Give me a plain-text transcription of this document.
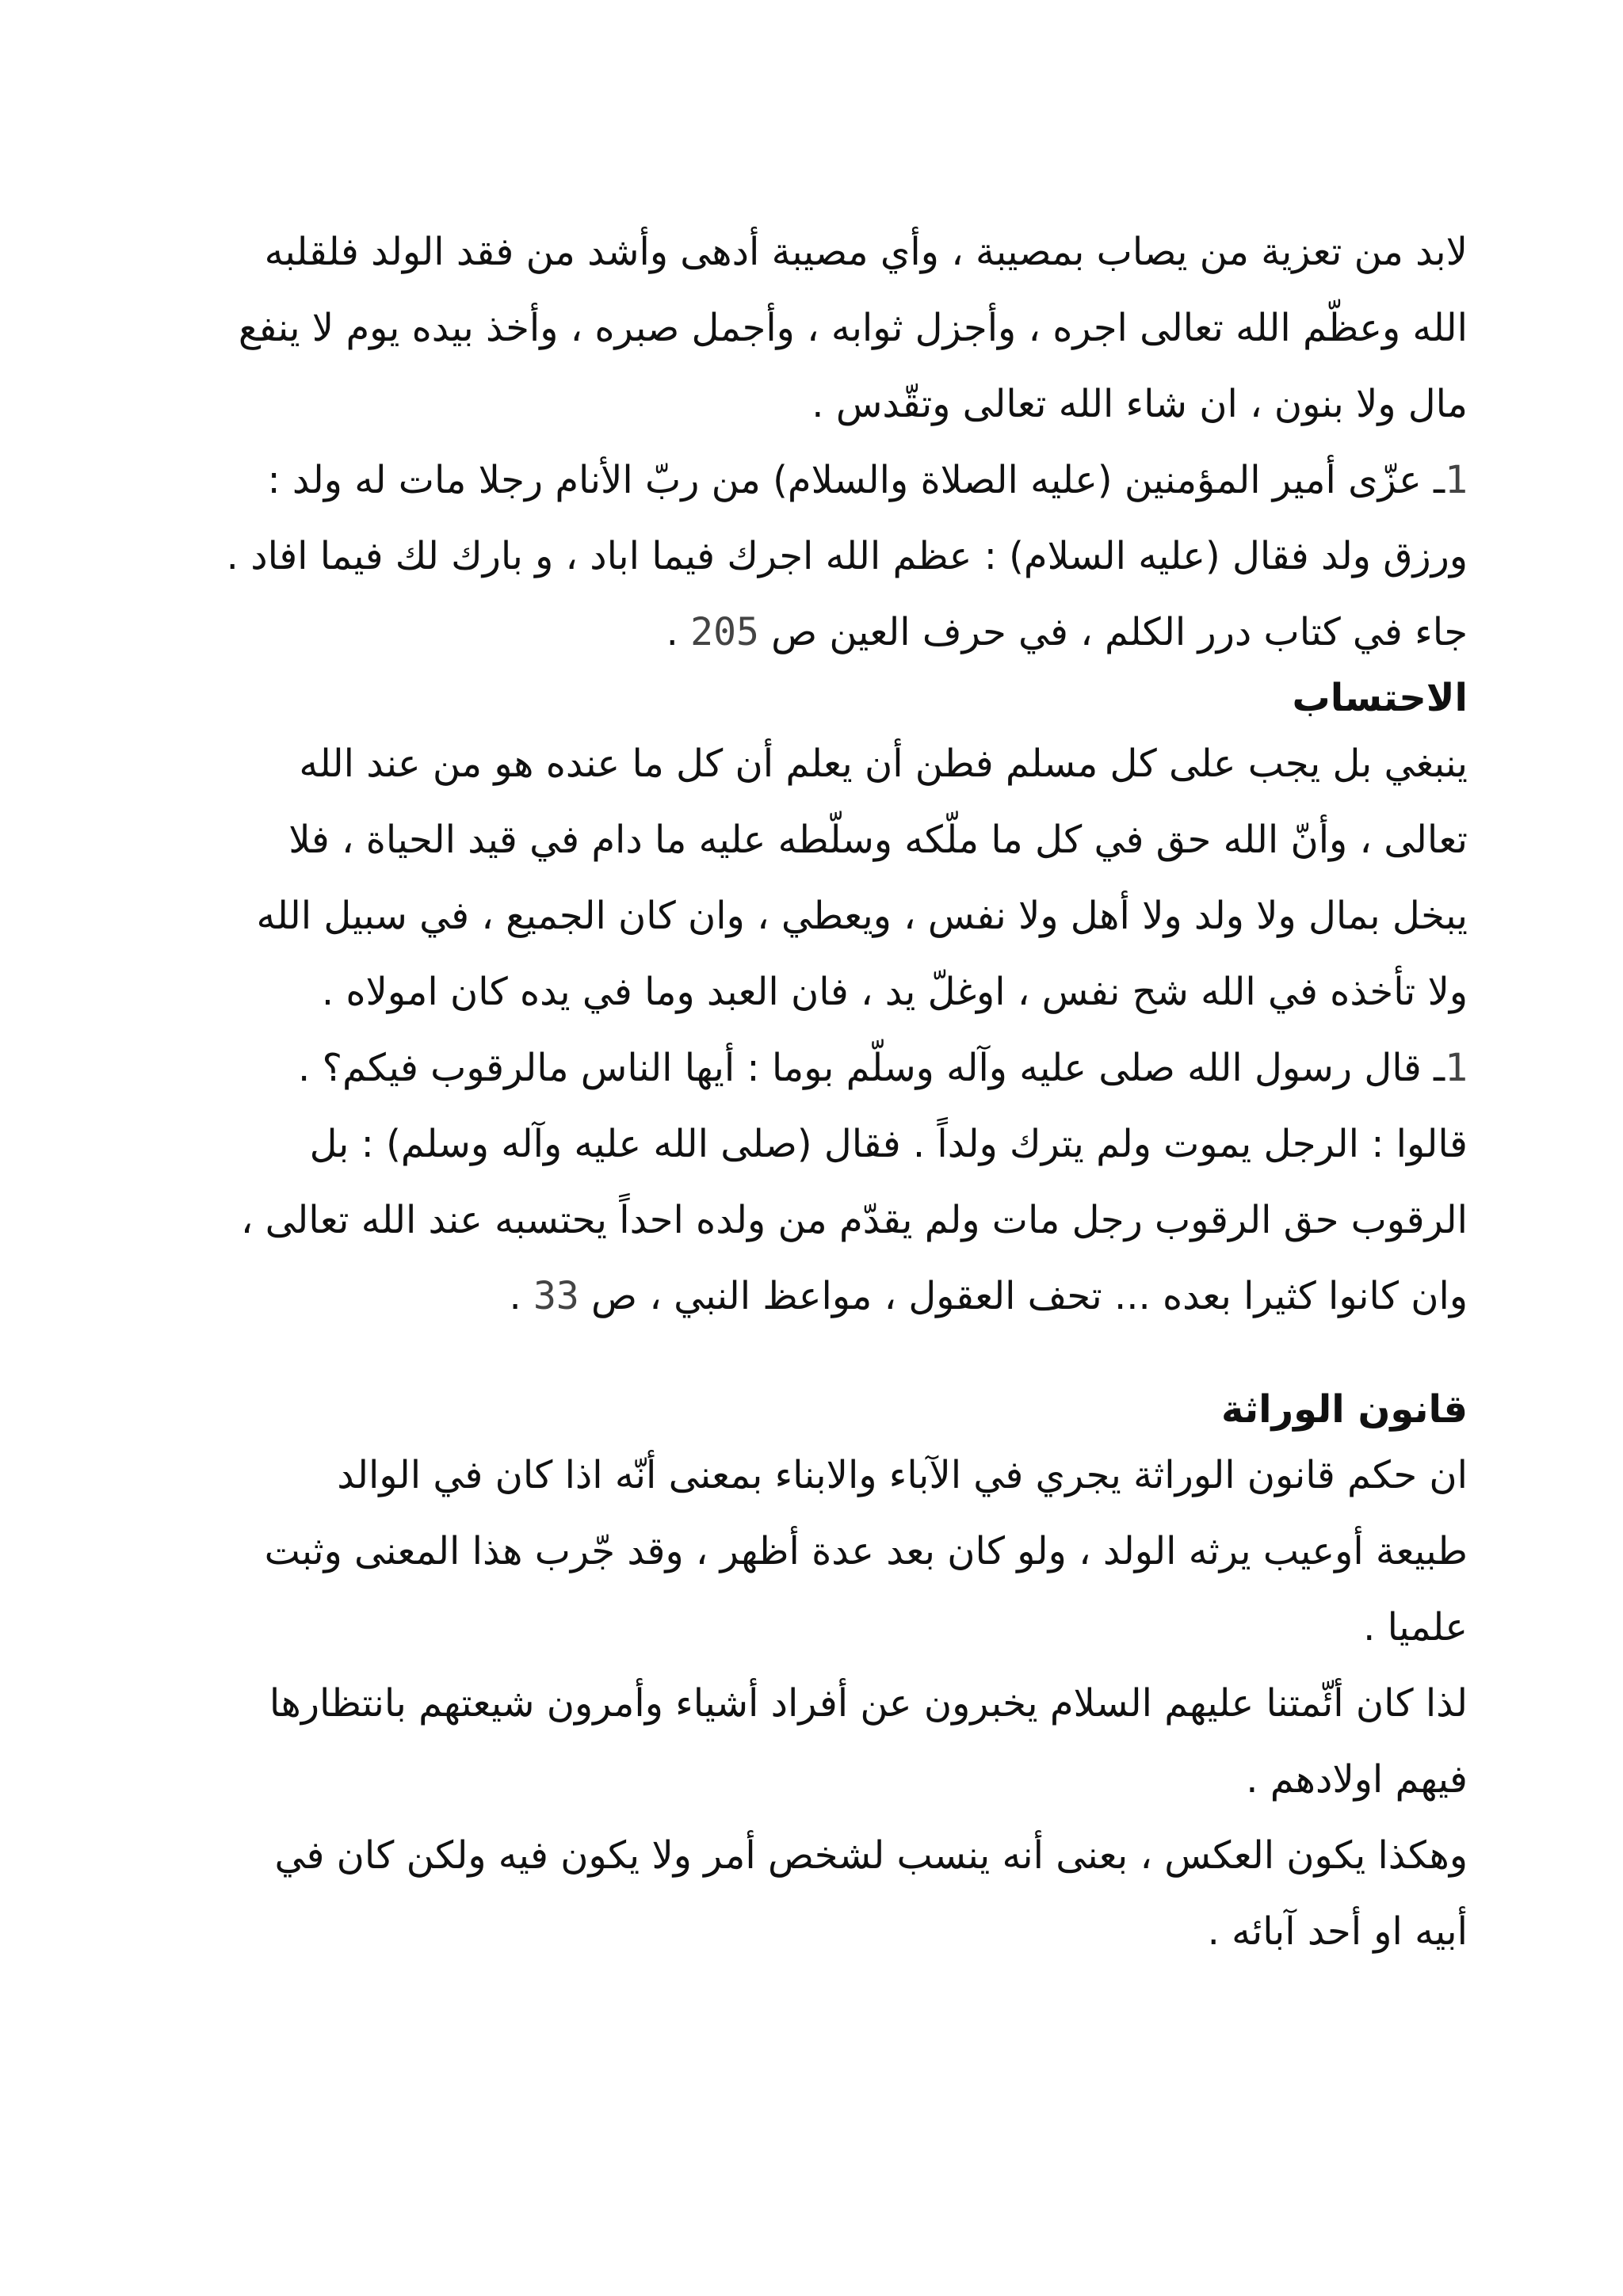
لابد من تعزية من يصاب بمصيبة ، وأي مصيبة أدهى وأشد من فقد الولد فلقلبه

الله وعظّم الله تعالى اجره ، وأجزل ثوابه ، وأجمل صبره ، وأخذ بيده يوم لا ينفع

مال ولا بنون ، ان شاء الله تعالى وتقّدس .

1ـ عزّى أمير المؤمنين (عليه الصلاة والسلام) من ربّ الأنام رجلا مات له ولد :

ورزق ولد فقال (عليه السلام) : عظم الله اجرك فيما اباد ، و بارك لك فيما افاد .

جاء في كتاب درر الكلم ، في حرف العين ص 205 .

الاحتساب

ينبغي بل يجب على كل مسلم فطن أن يعلم أن كل ما عنده هو من عند الله

تعالى ، وأنّ الله حق في كل ما ملّكه وسلّطه عليه ما دام في قيد الحياة ، فلا

يبخل بمال ولا ولد ولا أهل ولا نفس ، ويعطي ، وان كان الجميع ، في سبيل الله

ولا تأخذه في الله شح نفس ، اوغلّ يد ، فان العبد وما في يده كان امولاه .

1ـ قال رسول الله صلى عليه وآله وسلّم بوما : أيها الناس مالرقوب فيكم؟ .

قالوا : الرجل يموت ولم يترك ولداً . فقال (صلى الله عليه وآله وسلم) : بل

الرقوب حق الرقوب رجل مات ولم يقدّم من ولده احداً يحتسبه عند الله تعالى ،

وان كانوا كثيرا بعده ... تحف العقول ، مواعظ النبي ، ص 33 .

قانون الوراثة

ان حكم قانون الوراثة يجري في الآباء والابناء بمعنى أنّه اذا كان في الوالد

طبيعة أوعيب يرثه الولد ، ولو كان بعد عدة أظهر ، وقد جّرب هذا المعنى وثبت

علميا .

لذا كان أئّمتنا عليهم السلام يخبرون عن أفراد أشياء وأمرون شيعتهم بانتظارها

فيهم اولادهم .

وهكذا يكون العكس ، بعنى أنه ينسب لشخص أمر ولا يكون فيه ولكن كان في

أبيه او أحد آبائه .
